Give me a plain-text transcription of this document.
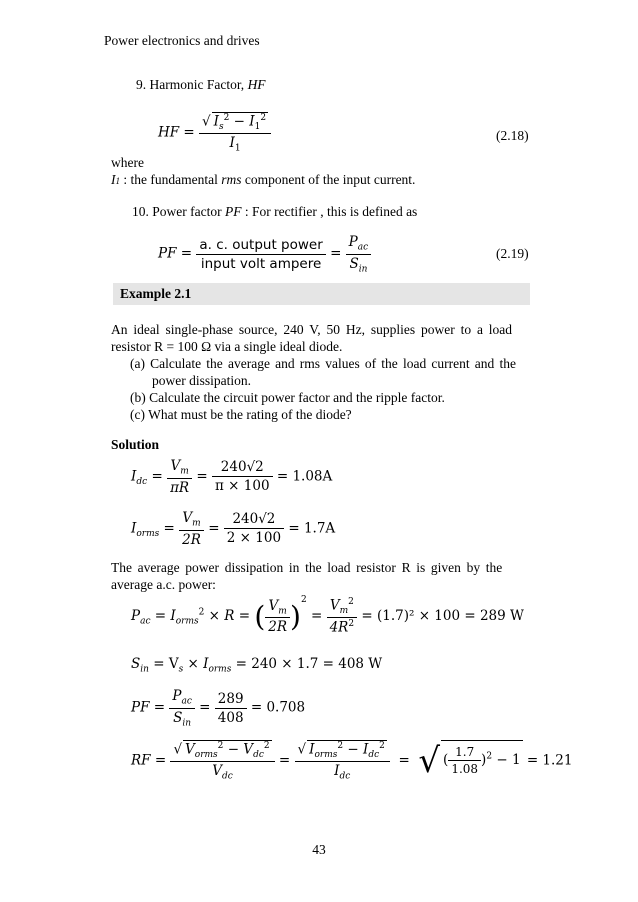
Power electronics and drives
9. Harmonic Factor, HF
HF = $\frac{√ I_s^2 - I_1^2}{I_1}$	(2.18)
where
I1 : the fundamental rms component of the input current.
10. Power factor PF : For rectifier , this is defined as
PF = $\frac{\text{a. c. output power}}{\text{input volt ampere}} = \frac{P_{ac}}{S_{in}}$	(2.19)
Example 2.1
An ideal single-phase source, 240 V, 50 Hz, supplies power to a load
resistor R = 100 Ω via a single ideal diode.
(a) Calculate the average and rms values of the load current and the
power dissipation.
(b) Calculate the circuit power factor and the ripple factor.
(c) What must be the rating of the diode?
Solution
$I_{dc} = \frac{V_m}{\pi R} = \frac{240√2}{\pi \times 100} = 1.08A$
$I_{orms} = \frac{V_m}{2R} = \frac{240√2}{2 \times 100} = 1.7A$
The average power dissipation in the load resistor R is given by the
average a.c. power:
$P_{ac} = I_{orms}^2 \times R$ = ( $\frac{V_m}{2R} )^2 = \frac{V_m^2}{4R^2} = (1.7)^2 \times 100 = 289$ W
$S_{in} = V_s \times I_{orms} = 240 \times 1.7 = 408$ W
PF = $\frac{P_{ac}}{S_{in}} = \frac{289}{408} = 0.708$
RF = $\frac{√ V_{orms}^2 - V_{dc}^2}{V_{dc}} = \frac{√ I_{orms}^2 - I_{dc}^2}{I_{dc}}$ =  √ ( $\frac{1.7}{1.08} )^2 - 1 = 1.21$
43
